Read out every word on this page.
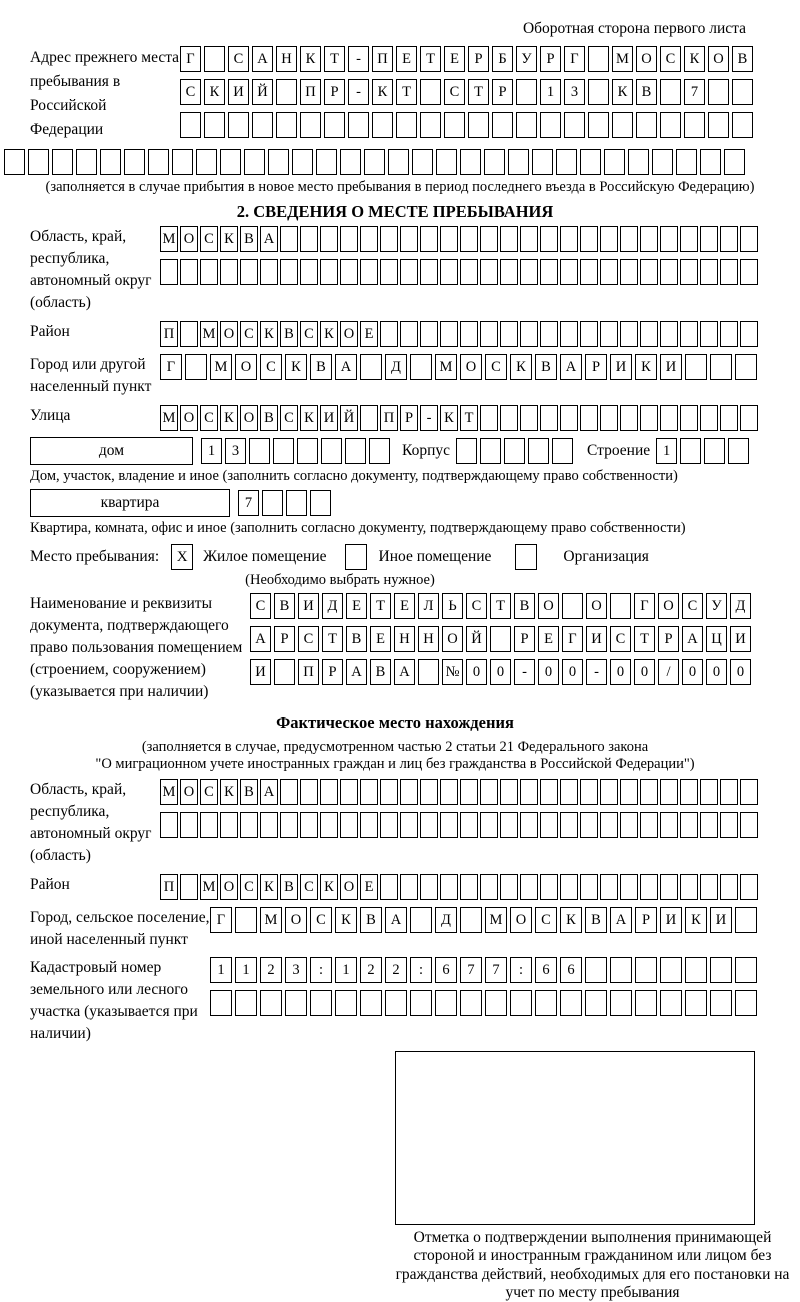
Оборотная сторона первого листа
Адрес прежнего места пребывания в Российской Федерации
Г	С А Н К	Т	-	П Е	Т	Е	Р	Б	У	Р	Г	М О С К О В
С К И Й	П	Р	-	К	Т	С	Т	Р	1	3	К В	7
(заполняется в случае прибытия в новое место пребывания в период последнего въезда в Российскую Федерацию)
2. СВЕДЕНИЯ О МЕСТЕ ПРЕБЫВАНИЯ
Область, край, республика, автономный округ (область)
М О С К В А
Район	П М О С К В С К О Е
Город или другой населенный пункт
Г	М О	С	К	В	А	Д	М О	С	К	В	А	Р	И	К	И
Улица	М О С К О В С К И Й П Р - К Т
дом	1	3	Корпус	Строение 1
Дом, участок, владение и иное (заполнить согласно документу, подтверждающему право собственности)
квартира	7
Квартира, комната, офис и иное (заполнить согласно документу, подтверждающему право собственности)
Место пребывания:	X	Жилое помещение	Иное помещение	Организация
(Необходимо выбрать нужное)
Наименование и реквизиты документа, подтверждающего право пользования помещением (строением, сооружением) (указывается при наличии)
С В И Д	Е	Т	Е	Л	Ь	С	Т	В О	О	Г	О С У Д
А	Р	С	Т	В	Е Н Н О Й	Р	Е	Г	И С	Т	Р	А Ц И
И	П	Р	А В А	№ 0	0	-	0	0	-	0	0	/	0	0	0
Фактическое место нахождения
(заполняется в случае, предусмотренном частью 2 статьи 21 Федерального закона
"О миграционном учете иностранных граждан и лиц без гражданства в Российской Федерации")
Область, край, республика, автономный округ (область)
М О С К В А
Район	П М О С К В С К О Е
Город, сельское поселение, иной населенный пункт
Г	М О	С	К	В	А	Д	М О	С	К	В	А	Р	И	К	И
Кадастровый номер земельного или лесного участка (указывается при наличии)
1	1	2	3	:	1	2	2	:	6	7	7	:	6	6
Отметка о подтверждении выполнения принимающей стороной и иностранным гражданином или лицом без гражданства действий, необходимых для его постановки на учет по месту пребывания
